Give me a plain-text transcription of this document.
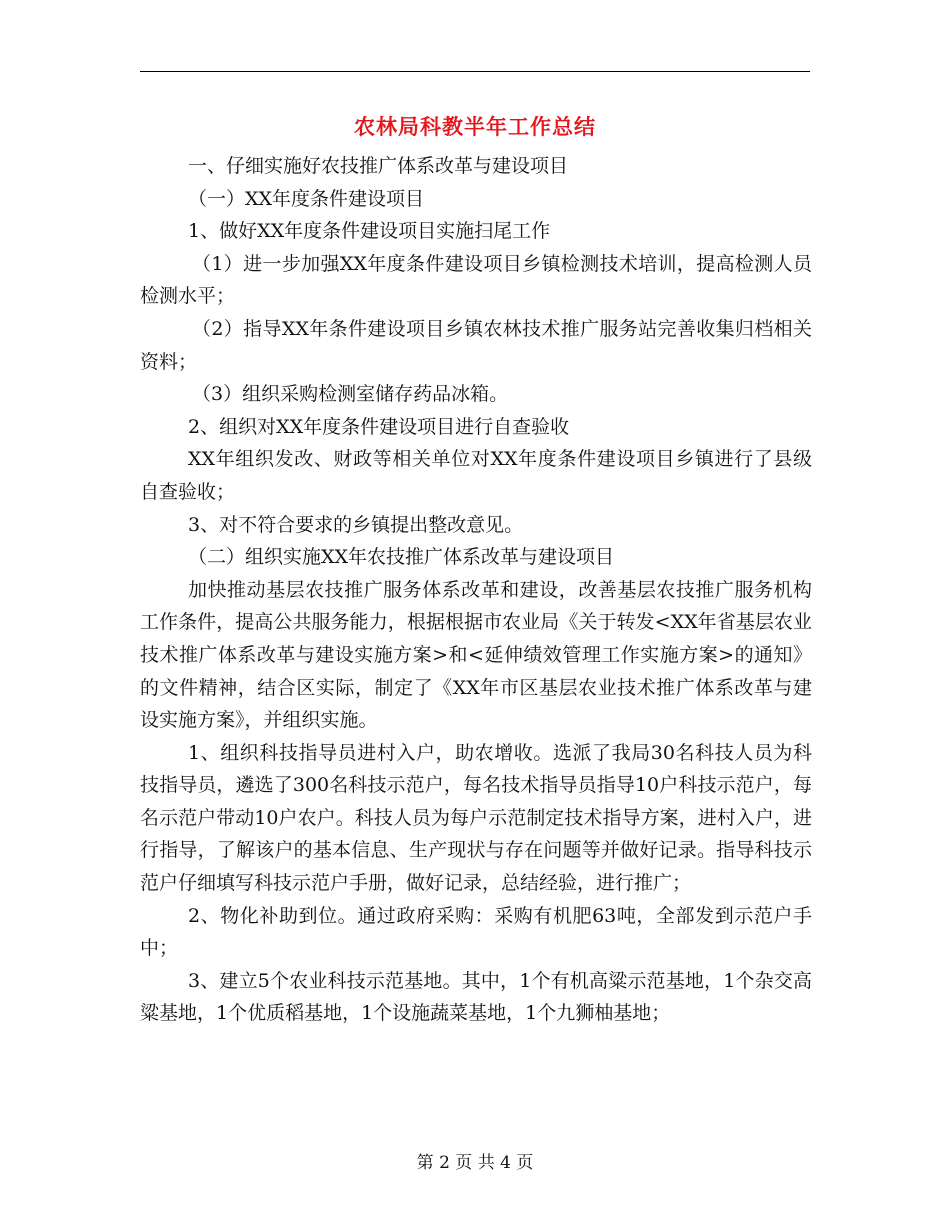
农林局科教半年工作总结

一、仔细实施好农技推广体系改革与建设项目

（一）XX年度条件建设项目

1、做好XX年度条件建设项目实施扫尾工作

（1）进一步加强XX年度条件建设项目乡镇检测技术培训，提高检测人员检测水平；

（2）指导XX年条件建设项目乡镇农林技术推广服务站完善收集归档相关资料；

（3）组织采购检测室储存药品冰箱。

2、组织对XX年度条件建设项目进行自查验收

XX年组织发改、财政等相关单位对XX年度条件建设项目乡镇进行了县级自查验收；

3、对不符合要求的乡镇提出整改意见。

（二）组织实施XX年农技推广体系改革与建设项目

加快推动基层农技推广服务体系改革和建设，改善基层农技推广服务机构工作条件，提高公共服务能力，根据根据市农业局《关于转发<XX年省基层农业技术推广体系改革与建设实施方案>和<延伸绩效管理工作实施方案>的通知》的文件精神，结合区实际，制定了《XX年市区基层农业技术推广体系改革与建设实施方案》，并组织实施。

1、组织科技指导员进村入户，助农增收。选派了我局30名科技人员为科技指导员，遴选了300名科技示范户，每名技术指导员指导10户科技示范户，每名示范户带动10户农户。科技人员为每户示范制定技术指导方案，进村入户，进行指导，了解该户的基本信息、生产现状与存在问题等并做好记录。指导科技示范户仔细填写科技示范户手册，做好记录，总结经验，进行推广；

2、物化补助到位。通过政府采购：采购有机肥63吨，全部发到示范户手中；

3、建立5个农业科技示范基地。其中，1个有机高粱示范基地，1个杂交高粱基地，1个优质稻基地，1个设施蔬菜基地，1个九狮柚基地；

第 2 页 共 4 页
